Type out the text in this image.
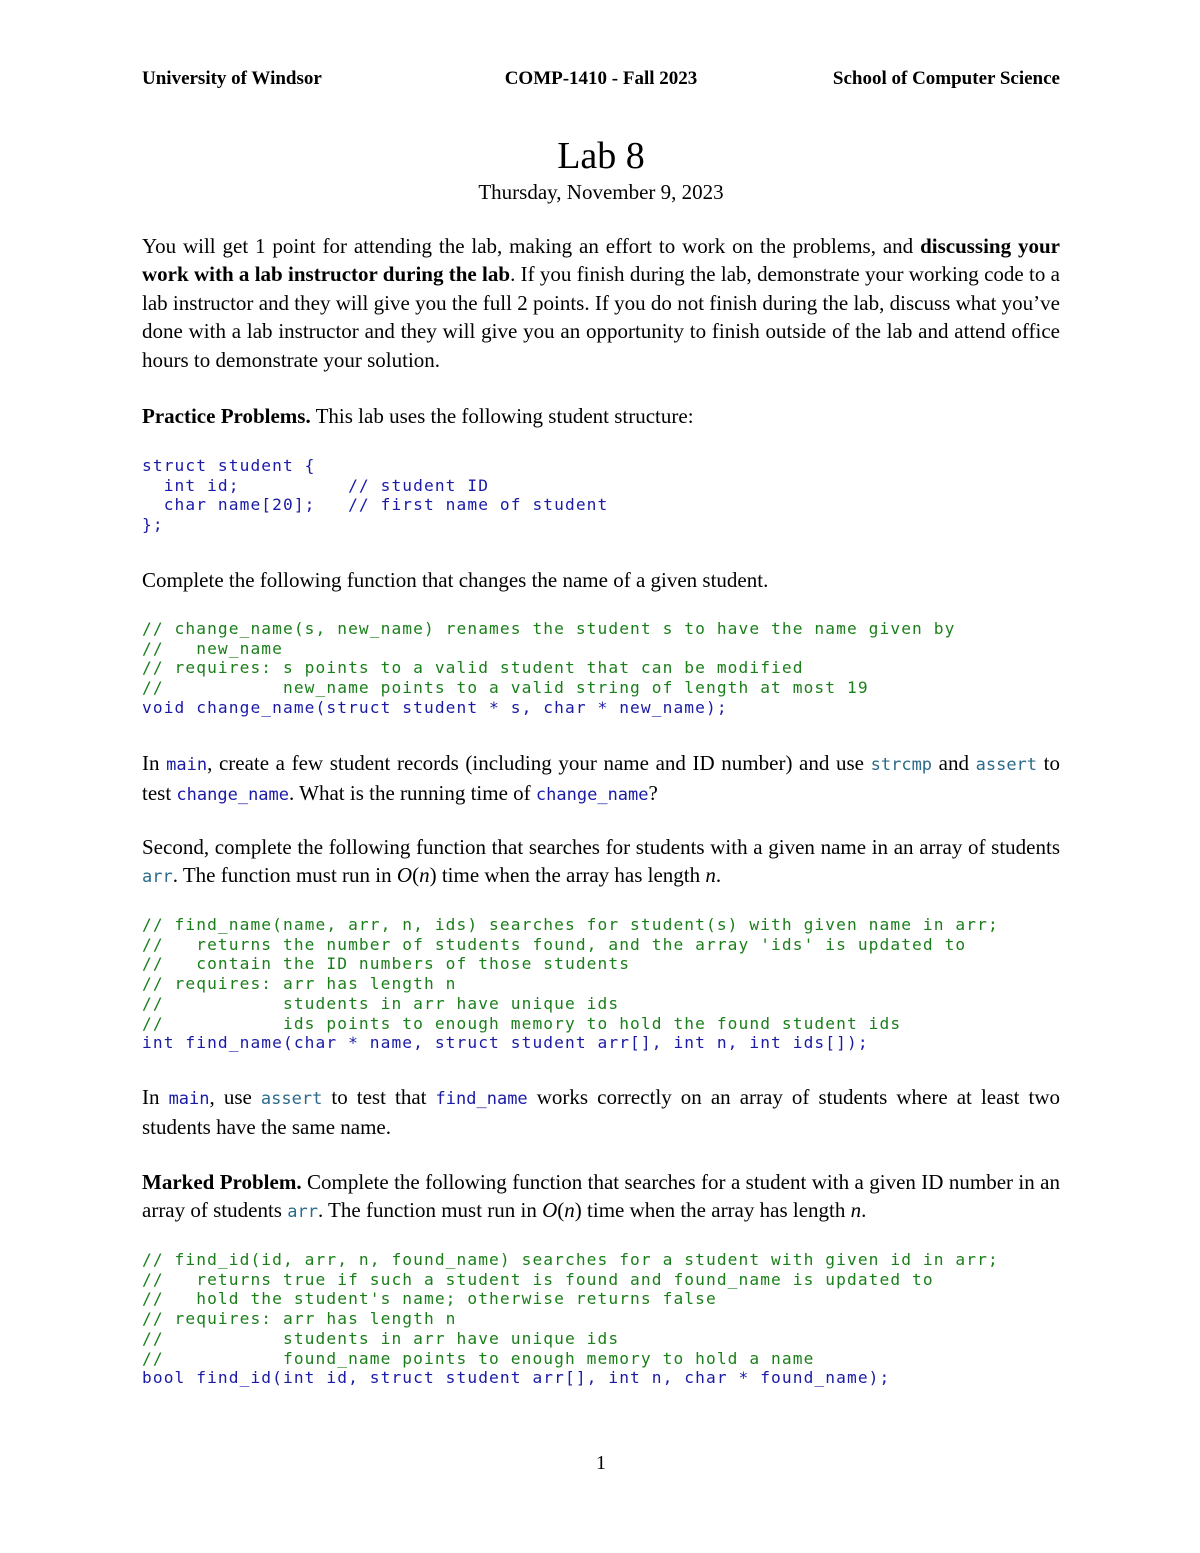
University of Windsor	COMP-1410 - Fall 2023	School of Computer Science
Lab 8
Thursday, November 9, 2023
You will get 1 point for attending the lab, making an effort to work on the problems, and discussing your work with a lab instructor during the lab. If you finish during the lab, demonstrate your working code to a lab instructor and they will give you the full 2 points. If you do not finish during the lab, discuss what you’ve done with a lab instructor and they will give you an opportunity to finish outside of the lab and attend office hours to demonstrate your solution.
Practice Problems. This lab uses the following student structure:
struct student {
int id;          // student ID
char name[20];   // first name of student
};
Complete the following function that changes the name of a given student.
// change_name(s, new_name) renames the student s to have the name given by
//   new_name
// requires: s points to a valid student that can be modified
//           new_name points to a valid string of length at most 19
void change_name(struct student * s, char * new_name);
In main, create a few student records (including your name and ID number) and use strcmp and assert to test change_name. What is the running time of change_name?
Second, complete the following function that searches for students with a given name in an array of students arr. The function must run in O(n) time when the array has length n.
// find_name(name, arr, n, ids) searches for student(s) with given name in arr;
//   returns the number of students found, and the array 'ids' is updated to
//   contain the ID numbers of those students
// requires: arr has length n
//           students in arr have unique ids
//           ids points to enough memory to hold the found student ids
int find_name(char * name, struct student arr[], int n, int ids[]);
In main, use assert to test that find_name works correctly on an array of students where at least two students have the same name.
Marked Problem. Complete the following function that searches for a student with a given ID number in an array of students arr. The function must run in O(n) time when the array has length n.
// find_id(id, arr, n, found_name) searches for a student with given id in arr;
//   returns true if such a student is found and found_name is updated to
//   hold the student's name; otherwise returns false
// requires: arr has length n
//           students in arr have unique ids
//           found_name points to enough memory to hold a name
bool find_id(int id, struct student arr[], int n, char * found_name);
1
